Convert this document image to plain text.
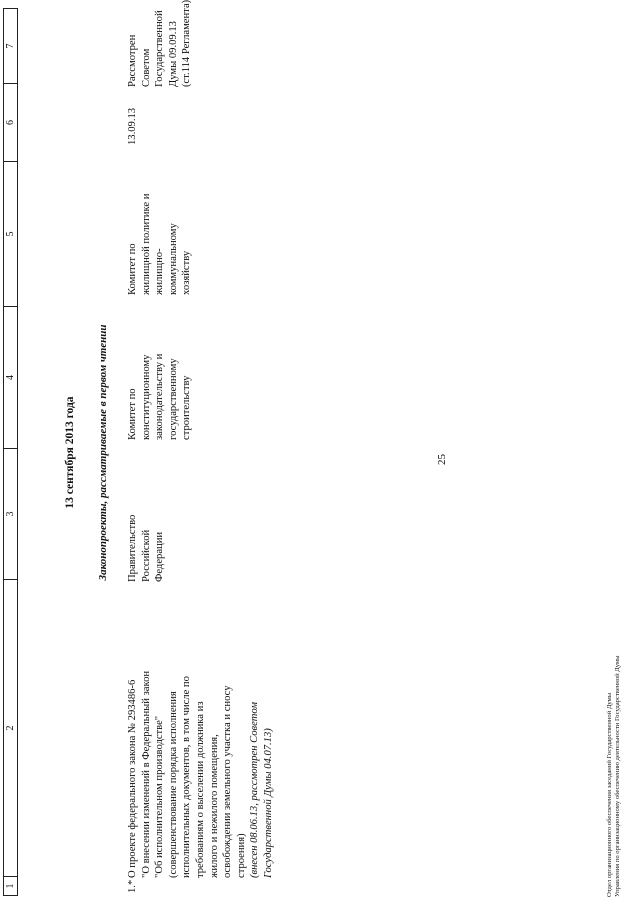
25
1
2
3
4
5
6
7
13 сентября 2013 года Законопроекты, рассматриваемые в первом чтении
1.*
О проекте федерального закона № 293486-6 "О внесении изменений в Федеральный закон "Об исполнительном производстве" (совершенствование порядка исполнения исполнительных документов, в том числе по требованиям о выселении должника из жилого и нежилого помещения, освобождении земельного участка и сносу строения) (внесен 08.06.13, рассмотрен Советом Государственной Думы 04.07.13)
Правительство Российской Федерации
Комитет по конституционному законодательству и государственному строительству
Комитет по жилищной политике и жилищно- коммунальному хозяйству
13.09.13
Рассмотрен Советом Государственной Думы 09.09.13 (ст.114 Регламента)
Отдел организационного обеспечения заседаний Государственной Думы Управления по организационному обеспечению деятельности Государственной Думы
